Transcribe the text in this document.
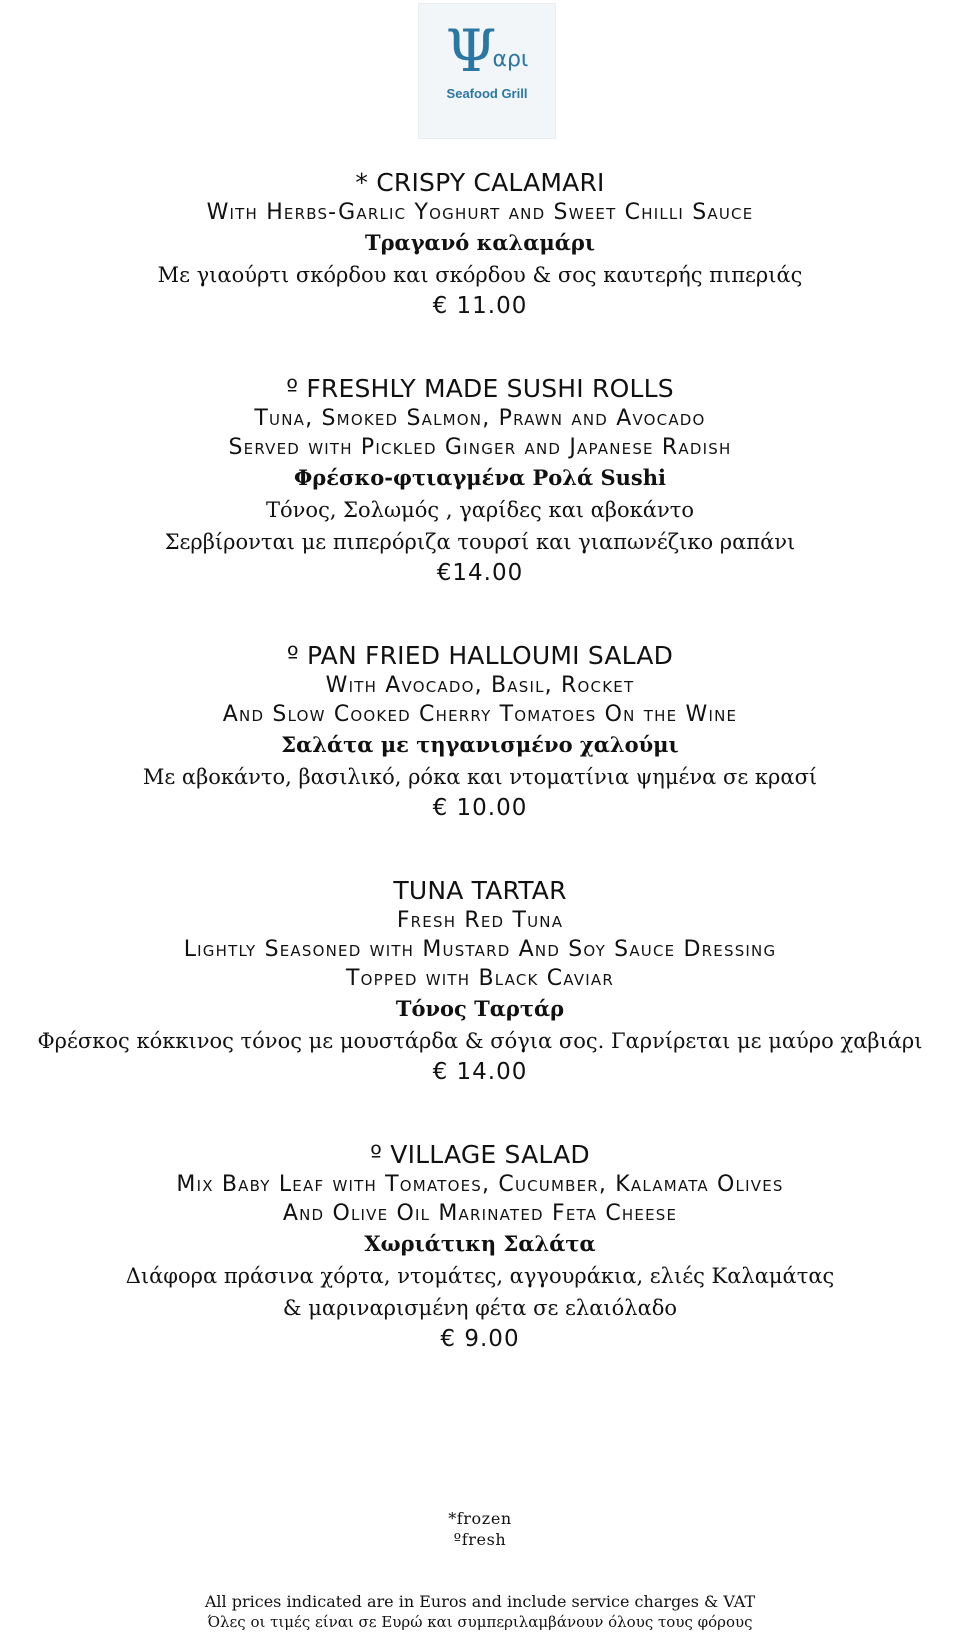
Ψ
αρι
Seafood Grill
* CRISPY CALAMARI
With Herbs-Garlic Yoghurt and Sweet Chilli Sauce
Τραγανό καλαμάρι
Με γιαούρτι σκόρδου και σκόρδου & σος καυτερής πιπεριάς
€ 11.00
º FRESHLY MADE SUSHI ROLLS
Tuna, Smoked Salmon, Prawn and Avocado
Served with Pickled Ginger and Japanese Radish
Φρέσκο-φτιαγμένα Ρολά Sushi
Τόνος, Σολωμός , γαρίδες και αβοκάντο
Σερβίρονται με πιπερόριζα τουρσί και γιαπωνέζικο ραπάνι
€14.00
º PAN FRIED HALLOUMI SALAD
With Avocado, Basil, Rocket
And Slow Cooked Cherry Tomatoes On the Wine
Σαλάτα με τηγανισμένο χαλούμι
Με αβοκάντο, βασιλικό, ρόκα και ντοματίνια ψημένα σε κρασί
€ 10.00
TUNA TARTAR
Fresh Red Tuna
Lightly Seasoned with Mustard And Soy Sauce Dressing
Topped with Black Caviar
Τόνος Ταρτάρ
Φρέσκος κόκκινος τόνος με μουστάρδα & σόγια σος. Γαρνίρεται με μαύρο χαβιάρι
€ 14.00
º VILLAGE SALAD
Mix Baby Leaf with Tomatoes, Cucumber, Kalamata Olives
And Olive Oil Marinated Feta Cheese
Χωριάτικη Σαλάτα
Διάφορα πράσινα χόρτα, ντομάτες, αγγουράκια, ελιές Καλαμάτας
& μαριναρισμένη φέτα σε ελαιόλαδο
€ 9.00
*frozen
ºfresh
All prices indicated are in Euros and include service charges & VAT
Όλες οι τιμές είναι σε Ευρώ και συμπεριλαμβάνουν όλους τους φόρους
